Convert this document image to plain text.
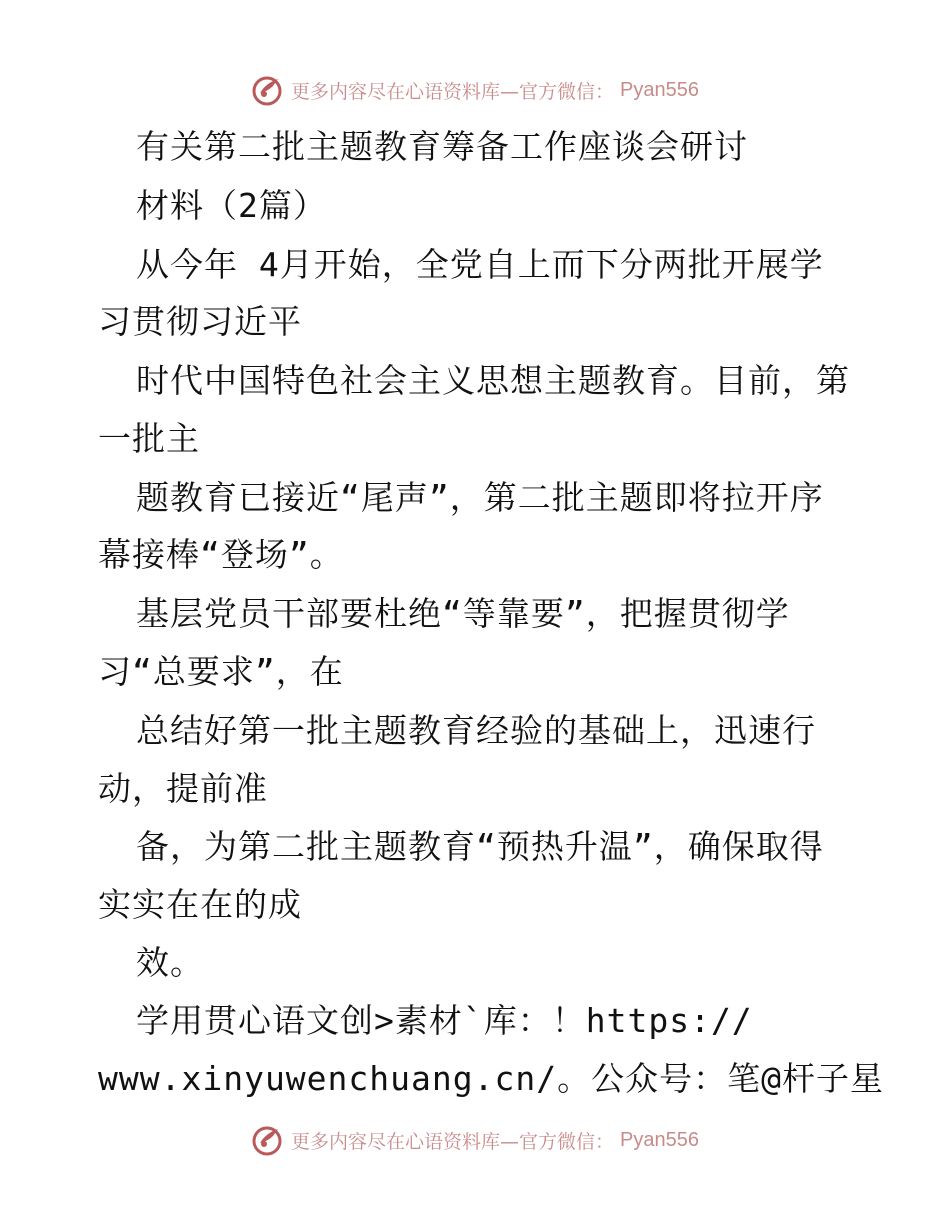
更多内容尽在心语资料库—官方微信： Pyan556
有关第二批主题教育筹备工作座谈会研讨
材料（2篇）
从今年 4月开始，全党自上而下分两批开展学
习贯彻习近平
时代中国特色社会主义思想主题教育。目前，第
一批主
题教育已接近“尾声”，第二批主题即将拉开序
幕接棒“登场”。
基层党员干部要杜绝“等靠要”，把握贯彻学
习“总要求”，在
总结好第一批主题教育经验的基础上，迅速行
动，提前准
备，为第二批主题教育“预热升温”，确保取得
实实在在的成
效。
学用贯心语文创>素材`库：！https://
www.xinyuwenchuang.cn/。公众号：笔@杆子星
更多内容尽在心语资料库—官方微信： Pyan556
